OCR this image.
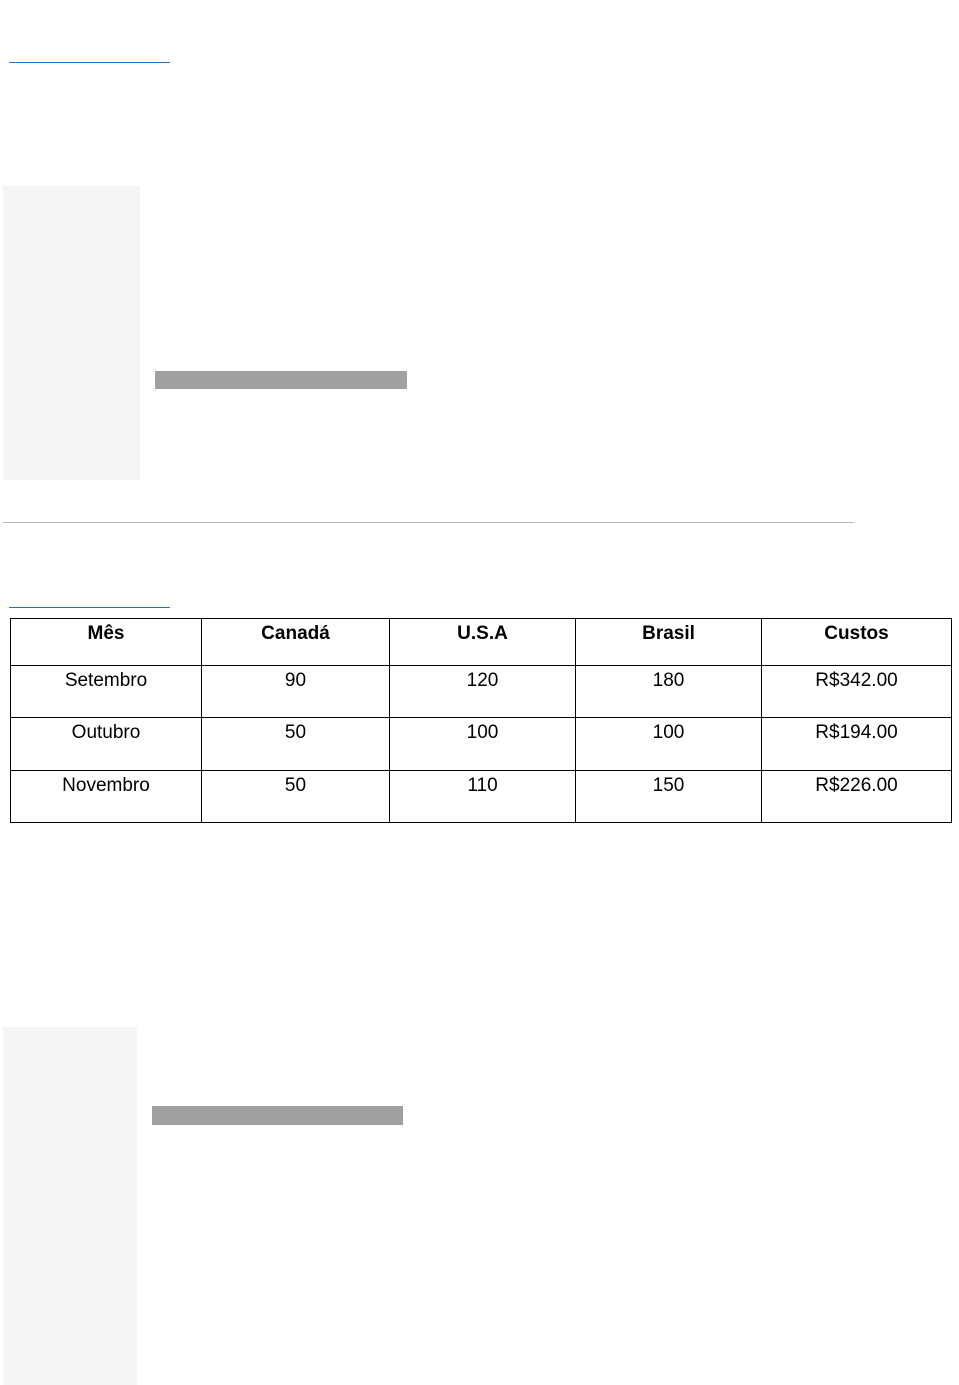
Mês	Canadá	U.S.A	Brasil	Custos
Setembro	90	120	180	R$342.00
Outubro	50	100	100	R$194.00
Novembro	50	110	150	R$226.00
